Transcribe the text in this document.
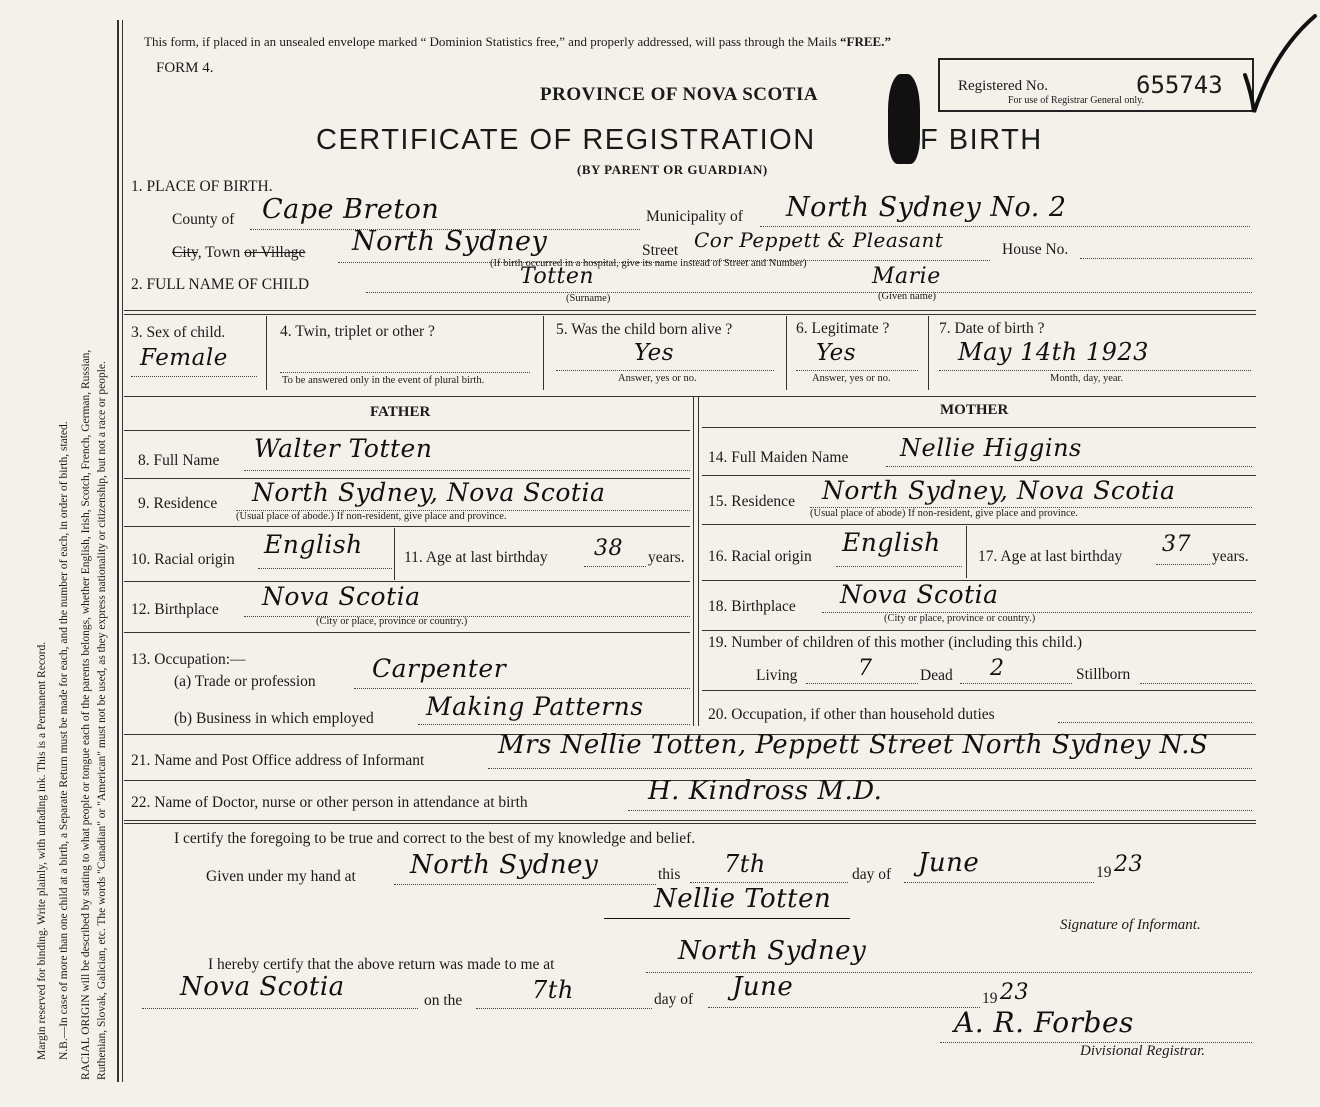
Margin reserved for binding. Write plainly, with unfading ink. This is a Permanent Record. N.B.—In case of more than one child at a birth, a Separate Return must be made for each, and the number of each, in order of birth, stated. RACIAL ORIGIN will be described by stating to what people or tongue each of the parents belongs, whether English, Irish, Scotch, French, German, Russian, Ruthenian, Slovak, Galician, etc. The words "Canadian" or "American" must not be used, as they express nationality or citizenship, but not a race or people.
This form, if placed in an unsealed envelope marked “ Dominion Statistics free,” and properly addressed, will pass through the Mails “FREE.”
FORM 4.
Registered No.	655743
For use of Registrar General only.
PROVINCE OF NOVA SCOTIA
CERTIFICATE OF REGISTRATION	F BIRTH
(BY PARENT OR GUARDIAN)
1. PLACE OF BIRTH.
County of Cape Breton	Municipality of North Sydney No. 2
City, Town or Village North Sydney	Street Cor Peppett & Pleasant	House No.
(If birth occurred in a hospital, give its name instead of Street and Number)
2. FULL NAME OF CHILD	Totten
(Surname)
Marie
(Given name)
3. Sex of child.
Female
4. Twin, triplet or other ?
To be answered only in the event of plural birth.
5. Was the child born alive ?
Yes
Answer, yes or no.
6. Legitimate ?
Yes
Answer, yes or no.
7. Date of birth ?
May 14th 1923
Month, day, year.
FATHER
8. Full Name Walter Totten
9. Residence North Sydney, Nova Scotia
(Usual place of abode.) If non-resident, give place and province.
10. Racial origin
English	11. Age at last birthday 38 years.
12. Birthplace Nova Scotia
(City or place, province or country.)
13. Occupation:—
(a) Trade or profession Carpenter
(b) Business in which employed Making Patterns
MOTHER
14. Full Maiden Name Nellie Higgins
15. Residence North Sydney, Nova Scotia
(Usual place of abode) If non-resident, give place and province.
16. Racial origin English 17. Age at last birthday 37 years.
18. Birthplace Nova Scotia
(City or place, province or country.)
19. Number of children of this mother (including this child.)
Living	7	Dead 2	Stillborn
20. Occupation, if other than household duties
21. Name and Post Office address of Informant
Mrs Nellie Totten, Peppett Street North Sydney N.S
22. Name of Doctor, nurse or other person in attendance at birth	H. Kindross M.D.
I certify the foregoing to be true and correct to the best of my knowledge and belief.
Given under my hand at North Sydney	this 7th	day of June	19 23
Nellie Totten
Signature of Informant.
I hereby certify that the above return was made to me at	North Sydney
Nova Scotia	on the	7th	day of June	19 23
A. R. Forbes
Divisional Registrar.
